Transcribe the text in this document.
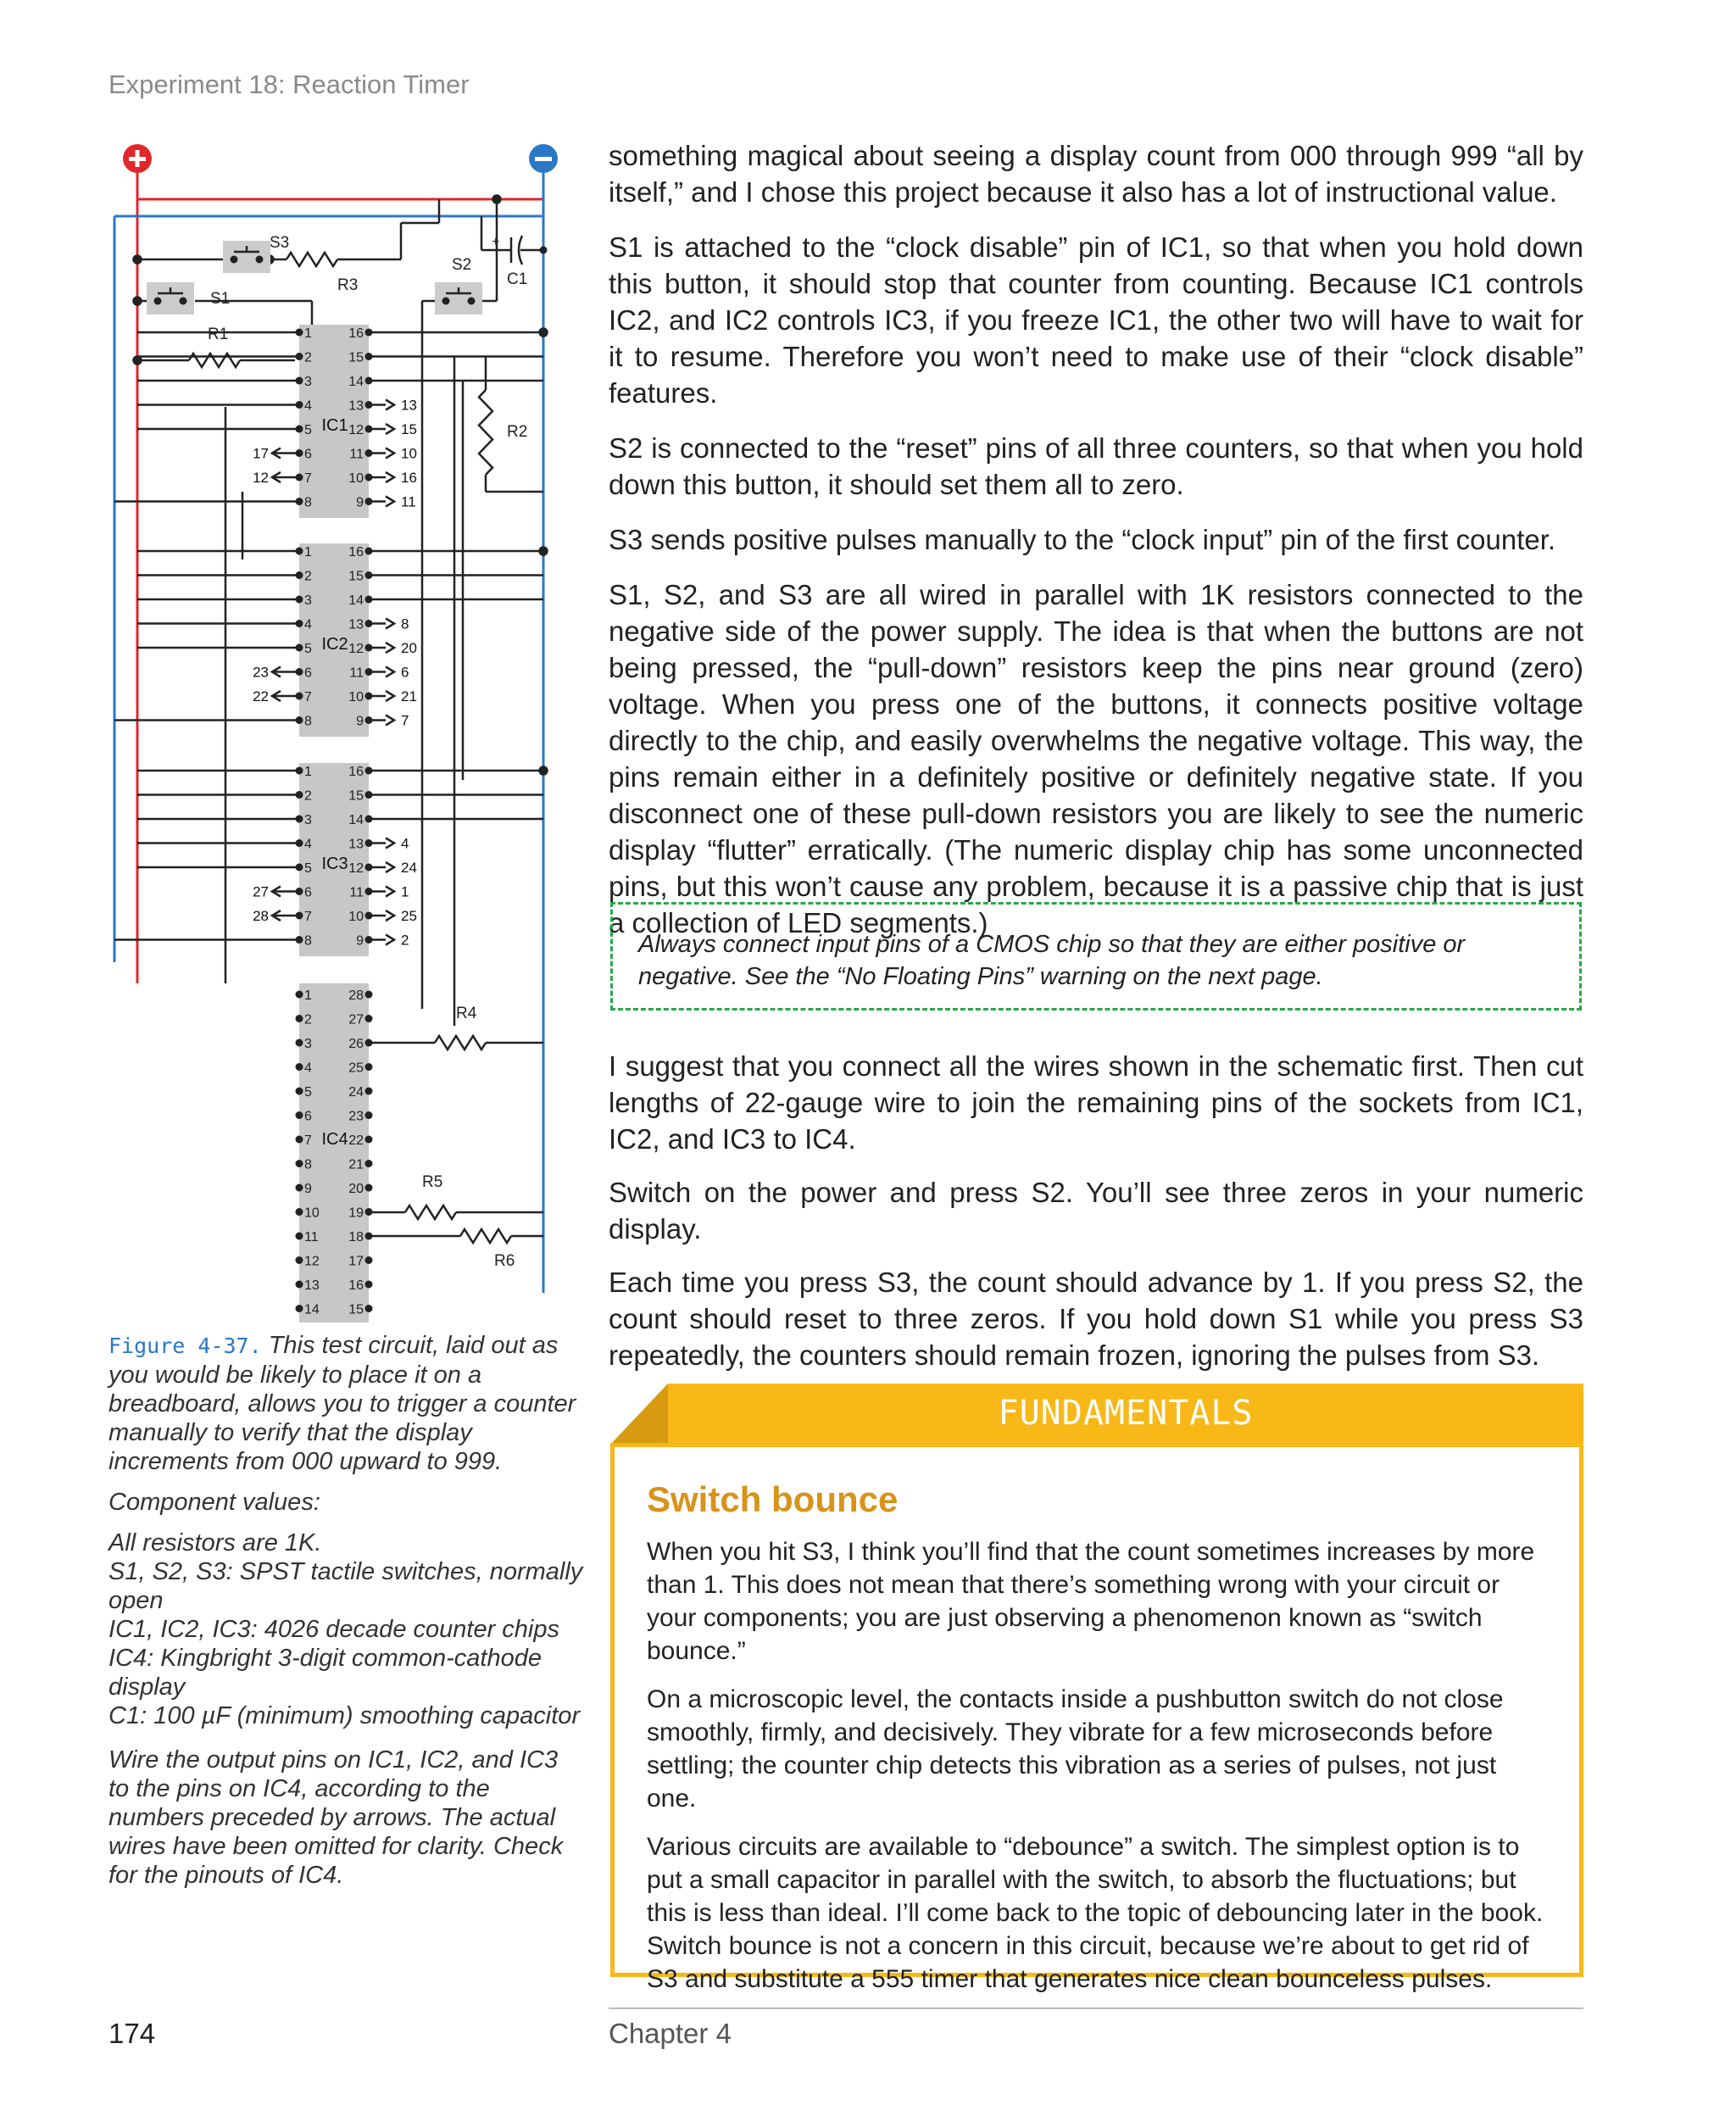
Experiment 18: Reaction Timer
S3
S1
R3
+
C1
S2
R1
R2
R4
R5
R6
1	16
2	15
3	14
4	13
5	12
6	11
7	10
8	9
IC1
13
15
10
16
11
17
12
1	16
2	15
3	14
4	13
5	12
6	11
7	10
8	9
IC2
8
20
6
21
7
23
22
1	16
2	15
3	14
4	13
5	12
6	11
7	10
8	9
IC3
4
24
1
25
2
27
28
1	28
2	27
3	26
4	25
5	24
6	23
7	22
8	21
9	20
10 19
11 18
12 17
13 16
14 15
IC4

Figure 4-37. This test circuit, laid out as you would be likely to place it on a breadboard, allows you to trigger a counter manually to verify that the display increments from 000 upward to 999.

Component values:

All resistors are 1K.

S1, S2, S3: SPST tactile switches, normally open

IC1, IC2, IC3: 4026 decade counter chips

IC4: Kingbright 3-digit common-cathode display

C1: 100 µF (minimum) smoothing capacitor

Wire the output pins on IC1, IC2, and IC3 to the pins on IC4, according to the numbers preceded by arrows. The actual wires have been omitted for clarity. Check for the pinouts of IC4.

something magical about seeing a display count from 000 through 999 “all by itself,” and I chose this project because it also has a lot of instructional value.

S1 is attached to the “clock disable” pin of IC1, so that when you hold down this button, it should stop that counter from counting. Because IC1 controls IC2, and IC2 controls IC3, if you freeze IC1, the other two will have to wait for it to resume. Therefore you won’t need to make use of their “clock disable” features.

S2 is connected to the “reset” pins of all three counters, so that when you hold down this button, it should set them all to zero.

S3 sends positive pulses manually to the “clock input” pin of the first counter.

S1, S2, and S3 are all wired in parallel with 1K resistors connected to the negative side of the power supply. The idea is that when the buttons are not being pressed, the “pull-down” resistors keep the pins near ground (zero) voltage. When you press one of the buttons, it connects positive voltage directly to the chip, and easily overwhelms the negative voltage. This way, the pins remain either in a definitely positive or definitely negative state. If you disconnect one of these pull-down resistors you are likely to see the numeric display “flutter” erratically. (The numeric display chip has some unconnected pins, but this won’t cause any problem, because it is a passive chip that is just a collection of LED segments.)

Always connect input pins of a CMOS chip so that they are either positive or negative. See the “No Floating Pins” warning on the next page.

I suggest that you connect all the wires shown in the schematic first. Then cut lengths of 22-gauge wire to join the remaining pins of the sockets from IC1, IC2, and IC3 to IC4.

Switch on the power and press S2. You’ll see three zeros in your numeric display.

Each time you press S3, the count should advance by 1. If you press S2, the count should reset to three zeros. If you hold down S1 while you press S3 repeatedly, the counters should remain frozen, ignoring the pulses from S3.

FUNDAMENTALS
Switch bounce

When you hit S3, I think you’ll find that the count sometimes increases by more than 1. This does not mean that there’s something wrong with your circuit or your components; you are just observing a phenomenon known as “switch bounce.”

On a microscopic level, the contacts inside a pushbutton switch do not close smoothly, firmly, and decisively. They vibrate for a few microseconds before settling; the counter chip detects this vibration as a series of pulses, not just one.

Various circuits are available to “debounce” a switch. The simplest option is to put a small capacitor in parallel with the switch, to absorb the fluctuations; but this is less than ideal. I’ll come back to the topic of debouncing later in the book. Switch bounce is not a concern in this circuit, because we’re about to get rid of S3 and substitute a 555 timer that generates nice clean bounceless pulses.

174	Chapter 4
